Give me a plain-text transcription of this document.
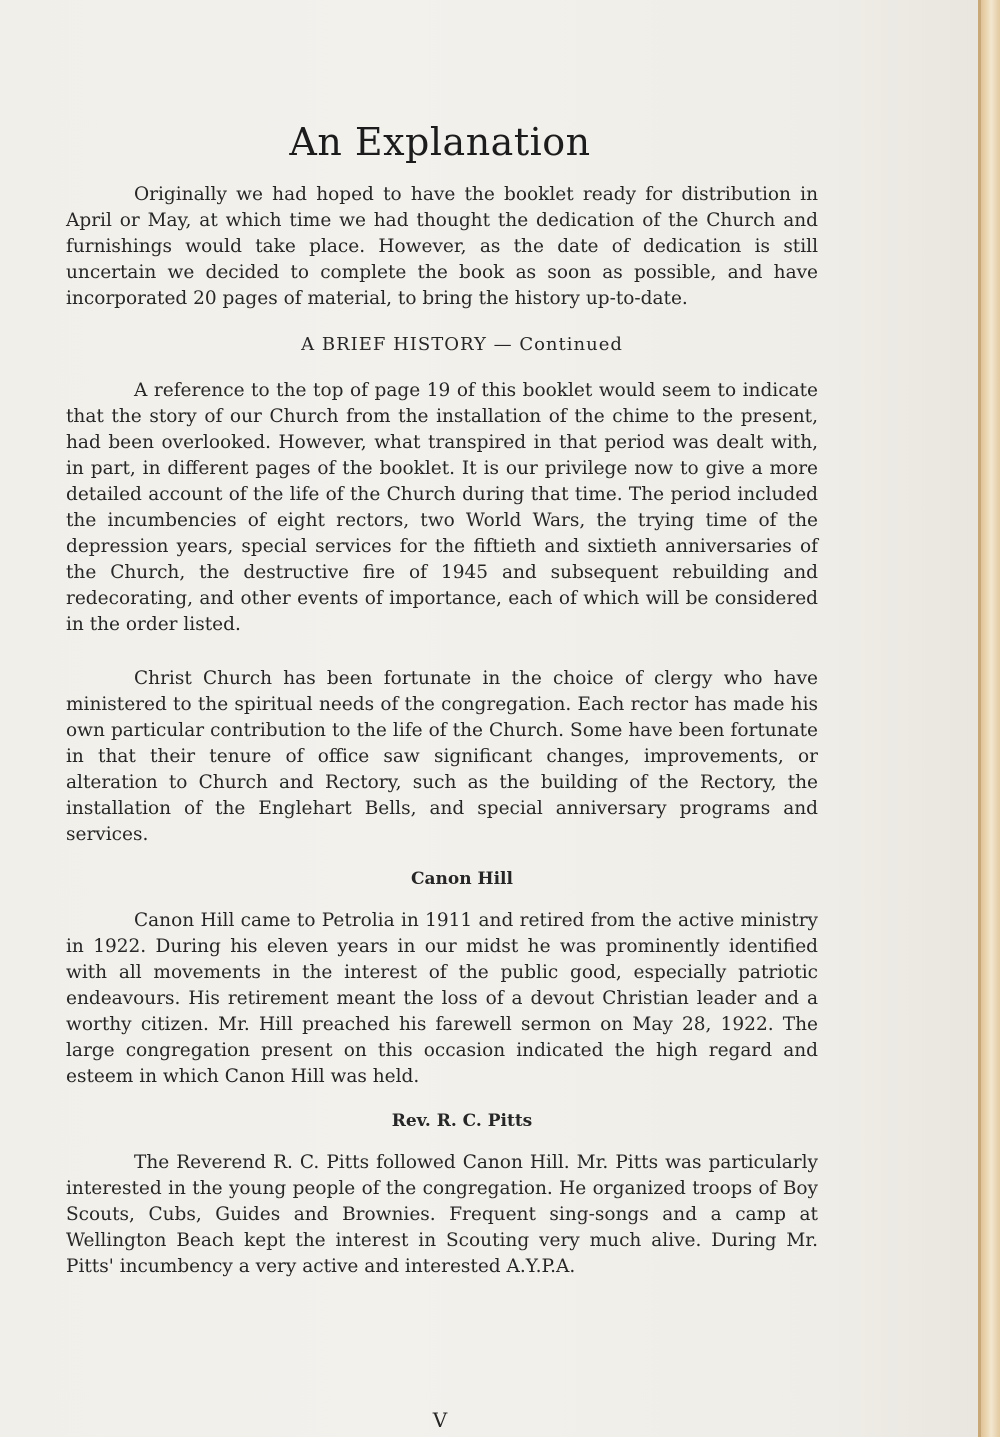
An Explanation

Originally we had hoped to have the booklet ready for distribution in April or May, at which time we had thought the dedication of the Church and furnishings would take place. However, as the date of dedication is still uncertain we decided to complete the book as soon as possible, and have incorporated 20 pages of material, to bring the history up-to-date.

A BRIEF HISTORY — Continued

A reference to the top of page 19 of this booklet would seem to indicate that the story of our Church from the installation of the chime to the present, had been overlooked. However, what transpired in that period was dealt with, in part, in different pages of the booklet. It is our privilege now to give a more detailed account of the life of the Church during that time. The period included the incumbencies of eight rectors, two World Wars, the trying time of the depression years, special services for the fiftieth and sixtieth anniversaries of the Church, the destructive fire of 1945 and subsequent rebuilding and redecorating, and other events of importance, each of which will be considered in the order listed.

Christ Church has been fortunate in the choice of clergy who have ministered to the spiritual needs of the congregation. Each rector has made his own particular contribution to the life of the Church. Some have been fortunate in that their tenure of office saw significant changes, improvements, or alteration to Church and Rectory, such as the building of the Rectory, the installation of the Englehart Bells, and special anniversary programs and services.

Canon Hill

Canon Hill came to Petrolia in 1911 and retired from the active ministry in 1922. During his eleven years in our midst he was prominently identified with all movements in the interest of the public good, especially patriotic endeavours. His retirement meant the loss of a devout Christian leader and a worthy citizen. Mr. Hill preached his farewell sermon on May 28, 1922. The large congregation present on this occasion indicated the high regard and esteem in which Canon Hill was held.

Rev. R. C. Pitts

The Reverend R. C. Pitts followed Canon Hill. Mr. Pitts was particularly interested in the young people of the congregation. He organized troops of Boy Scouts, Cubs, Guides and Brownies. Frequent sing-songs and a camp at Wellington Beach kept the interest in Scouting very much alive. During Mr. Pitts' incumbency a very active and interested A.Y.P.A.

V
